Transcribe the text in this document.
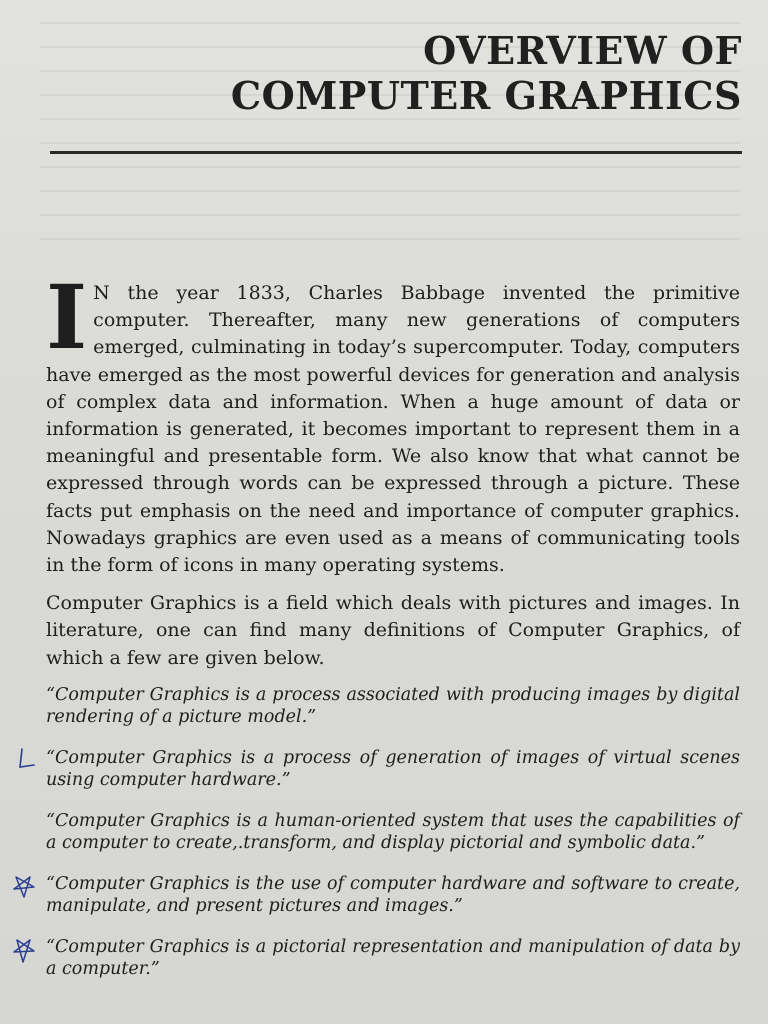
OVERVIEW OF
COMPUTER GRAPHICS
I N the year 1833, Charles Babbage invented the primitive computer. Thereafter, many new generations of computers emerged, culminating in today’s supercomputer. Today, computers have emerged as the most powerful devices for generation and analysis of complex data and information. When a huge amount of data or information is generated, it becomes important to represent them in a meaningful and presentable form. We also know that what cannot be expressed through words can be expressed through a picture. These facts put emphasis on the need and importance of computer graphics. Nowadays graphics are even used as a means of communicating tools in the form of icons in many operating systems.

Computer Graphics is a field which deals with pictures and images. In literature, one can find many definitions of Computer Graphics, of which a few are given below.

“Computer Graphics is a process associated with producing images by digital rendering of a picture model.”

“Computer Graphics is a process of generation of images of virtual scenes using computer hardware.”

“Computer Graphics is a human-oriented system that uses the capabilities of a computer to create,.transform, and display pictorial and symbolic data.”

“Computer Graphics is the use of computer hardware and software to create, manipulate, and present pictures and images.”

“Computer Graphics is a pictorial representation and manipulation of data by a computer.”
